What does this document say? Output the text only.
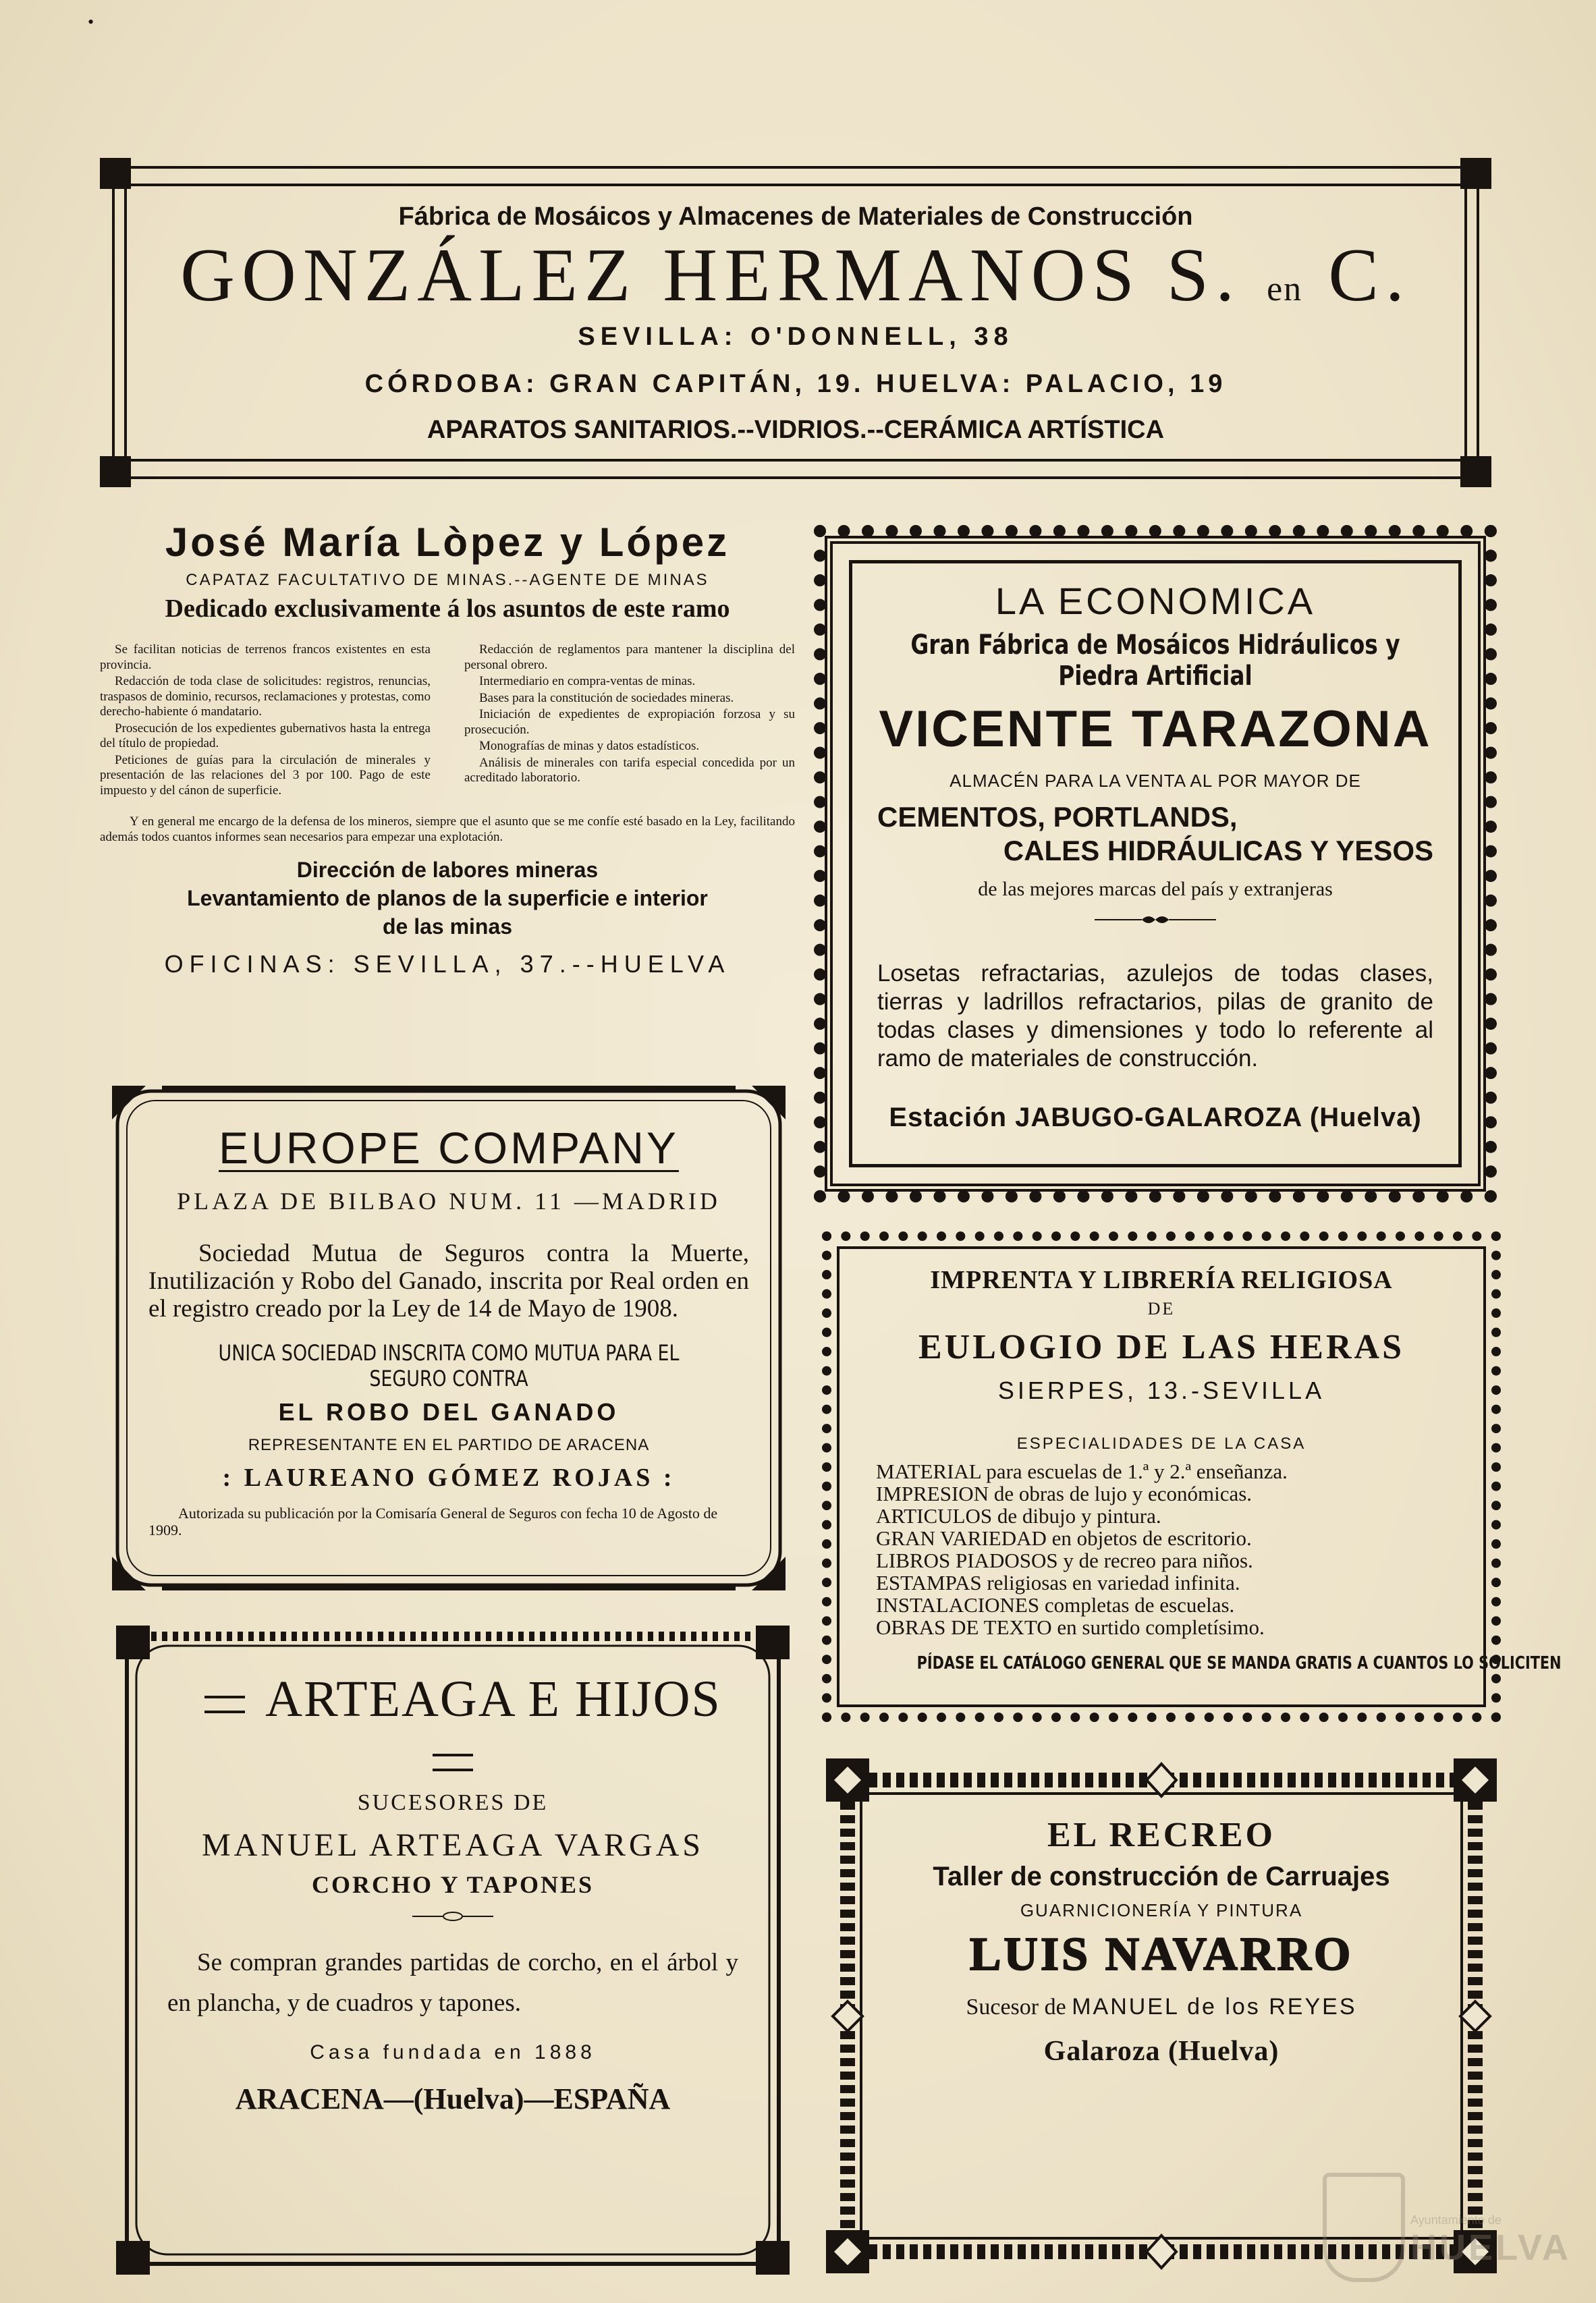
•
Fábrica de Mosáicos y Almacenes de Materiales de Construcción
GONZÁLEZ HERMANOS S. en C.
SEVILLA: O'DONNELL, 38
CÓRDOBA: GRAN CAPITÁN, 19. HUELVA: PALACIO, 19
APARATOS SANITARIOS.--VIDRIOS.--CERÁMICA ARTÍSTICA
José María Lòpez y López
CAPATAZ FACULTATIVO DE MINAS.--AGENTE DE MINAS
Dedicado exclusivamente á los asuntos de este ramo

Se facilitan noticias de terrenos francos existentes en esta provincia.

Redacción de toda clase de solicitudes: registros, renuncias, traspasos de dominio, recursos, reclamaciones y protestas, como derecho-habiente ó mandatario.

Prosecución de los expedientes gubernativos hasta la entrega del título de propiedad.

Peticiones de guías para la circulación de minerales y presentación de las relaciones del 3 por 100. Pago de este impuesto y del cánon de superficie.

Redacción de reglamentos para mantener la disciplina del personal obrero.

Intermediario en compra-ventas de minas.

Bases para la constitución de sociedades mineras.

Iniciación de expedientes de expropiación forzosa y su prosecución.

Monografías de minas y datos estadísticos.

Análisis de minerales con tarifa especial concedida por un acreditado laboratorio.

Y en general me encargo de la defensa de los mineros, siempre que el asunto que se me confíe esté basado en la Ley, facilitando además todos cuantos informes sean necesarios para empezar una explotación.
Dirección de labores mineras
Levantamiento de planos de la superficie e interior
de las minas
OFICINAS: SEVILLA, 37.--HUELVA
LA ECONOMICA
Gran Fábrica de Mosáicos Hidráulicos y Piedra Artificial
VICENTE TARAZONA
ALMACÉN PARA LA VENTA AL POR MAYOR DE
CEMENTOS, PORTLANDS,
CALES HIDRÁULICAS Y YESOS
de las mejores marcas del país y extranjeras
Losetas refractarias, azulejos de todas clases, tierras y ladrillos refractarios, pilas de granito de todas clases y dimensiones y todo lo referente al ramo de materiales de construcción.
Estación JABUGO-GALAROZA (Huelva)
EUROPE COMPANY
PLAZA DE BILBAO NUM. 11 —MADRID
Sociedad Mutua de Seguros contra la Muerte, Inutilización y Robo del Ganado, inscrita por Real orden en el registro creado por la Ley de 14 de Mayo de 1908.
UNICA SOCIEDAD INSCRITA COMO MUTUA PARA EL SEGURO CONTRA
EL ROBO DEL GANADO
REPRESENTANTE EN EL PARTIDO DE ARACENA
: LAUREANO GÓMEZ ROJAS :
Autorizada su publicación por la Comisaría General de Seguros con fecha 10 de Agosto de 1909.
IMPRENTA Y LIBRERÍA RELIGIOSA
DE
EULOGIO DE LAS HERAS
SIERPES, 13.-SEVILLA
ESPECIALIDADES DE LA CASA
MATERIAL para escuelas de 1.ª y 2.ª enseñanza.
IMPRESION de obras de lujo y económicas.
ARTICULOS de dibujo y pintura.
GRAN VARIEDAD en objetos de escritorio.
LIBROS PIADOSOS y de recreo para niños.
ESTAMPAS religiosas en variedad infinita.
INSTALACIONES completas de escuelas.
OBRAS DE TEXTO en surtido completísimo.
PÍDASE EL CATÁLOGO GENERAL QUE SE MANDA GRATIS A CUANTOS LO SOLICITEN
ARTEAGA E HIJOS
SUCESORES DE
MANUEL ARTEAGA VARGAS
CORCHO Y TAPONES
Se compran grandes partidas de corcho, en el árbol y en plancha, y de cuadros y tapones.
Casa fundada en 1888
ARACENA—(Huelva)—ESPAÑA
EL RECREO
Taller de construcción de Carruajes
GUARNICIONERÍA Y PINTURA
LUIS NAVARRO
Sucesor de MANUEL de los REYES
Galaroza (Huelva)
Ayuntamiento de
HUELVA
